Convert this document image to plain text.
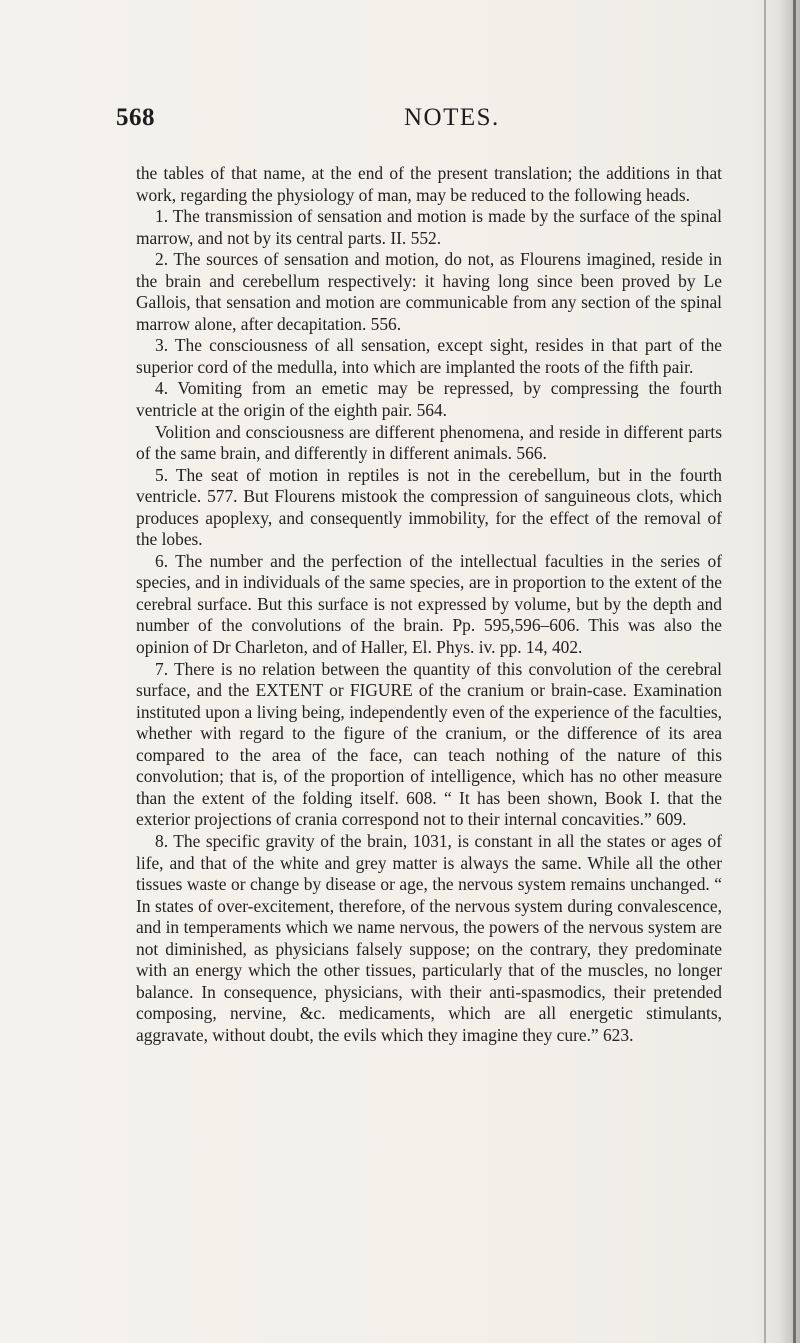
568	NOTES.

the tables of that name, at the end of the present translation; the additions in that work, regarding the physiology of man, may be reduced to the following heads.

1. The transmission of sensation and motion is made by the surface of the spinal marrow, and not by its central parts. II. 552.

2. The sources of sensation and motion, do not, as Flourens imagined, reside in the brain and cerebellum respectively: it having long since been proved by Le Gallois, that sensation and motion are communicable from any section of the spinal marrow alone, after decapitation. 556.

3. The consciousness of all sensation, except sight, resides in that part of the superior cord of the medulla, into which are implanted the roots of the fifth pair.

4. Vomiting from an emetic may be repressed, by compressing the fourth ventricle at the origin of the eighth pair. 564.

Volition and consciousness are different phenomena, and reside in different parts of the same brain, and differently in different animals. 566.

5. The seat of motion in reptiles is not in the cerebellum, but in the fourth ventricle. 577. But Flourens mistook the compression of sanguineous clots, which produces apoplexy, and consequently immobility, for the effect of the removal of the lobes.

6. The number and the perfection of the intellectual faculties in the series of species, and in individuals of the same species, are in proportion to the extent of the cerebral surface. But this surface is not expressed by volume, but by the depth and number of the convolutions of the brain. Pp. 595,596–606. This was also the opinion of Dr Charleton, and of Haller, El. Phys. iv. pp. 14, 402.

7. There is no relation between the quantity of this convolution of the cerebral surface, and the EXTENT or FIGURE of the cranium or brain-case. Examination instituted upon a living being, independently even of the experience of the faculties, whether with regard to the figure of the cranium, or the difference of its area compared to the area of the face, can teach nothing of the nature of this convolution; that is, of the proportion of intelligence, which has no other measure than the extent of the folding itself. 608. “ It has been shown, Book I. that the exterior projections of crania correspond not to their internal concavities.” 609.

8. The specific gravity of the brain, 1031, is constant in all the states or ages of life, and that of the white and grey matter is always the same. While all the other tissues waste or change by disease or age, the nervous system remains unchanged. “ In states of over-excitement, therefore, of the nervous system during convalescence, and in temperaments which we name nervous, the powers of the nervous system are not diminished, as physicians falsely suppose; on the contrary, they predominate with an energy which the other tissues, particularly that of the muscles, no longer balance. In consequence, physicians, with their anti-spasmodics, their pretended composing, nervine, &c. medicaments, which are all energetic stimulants, aggravate, without doubt, the evils which they imagine they cure.” 623.
